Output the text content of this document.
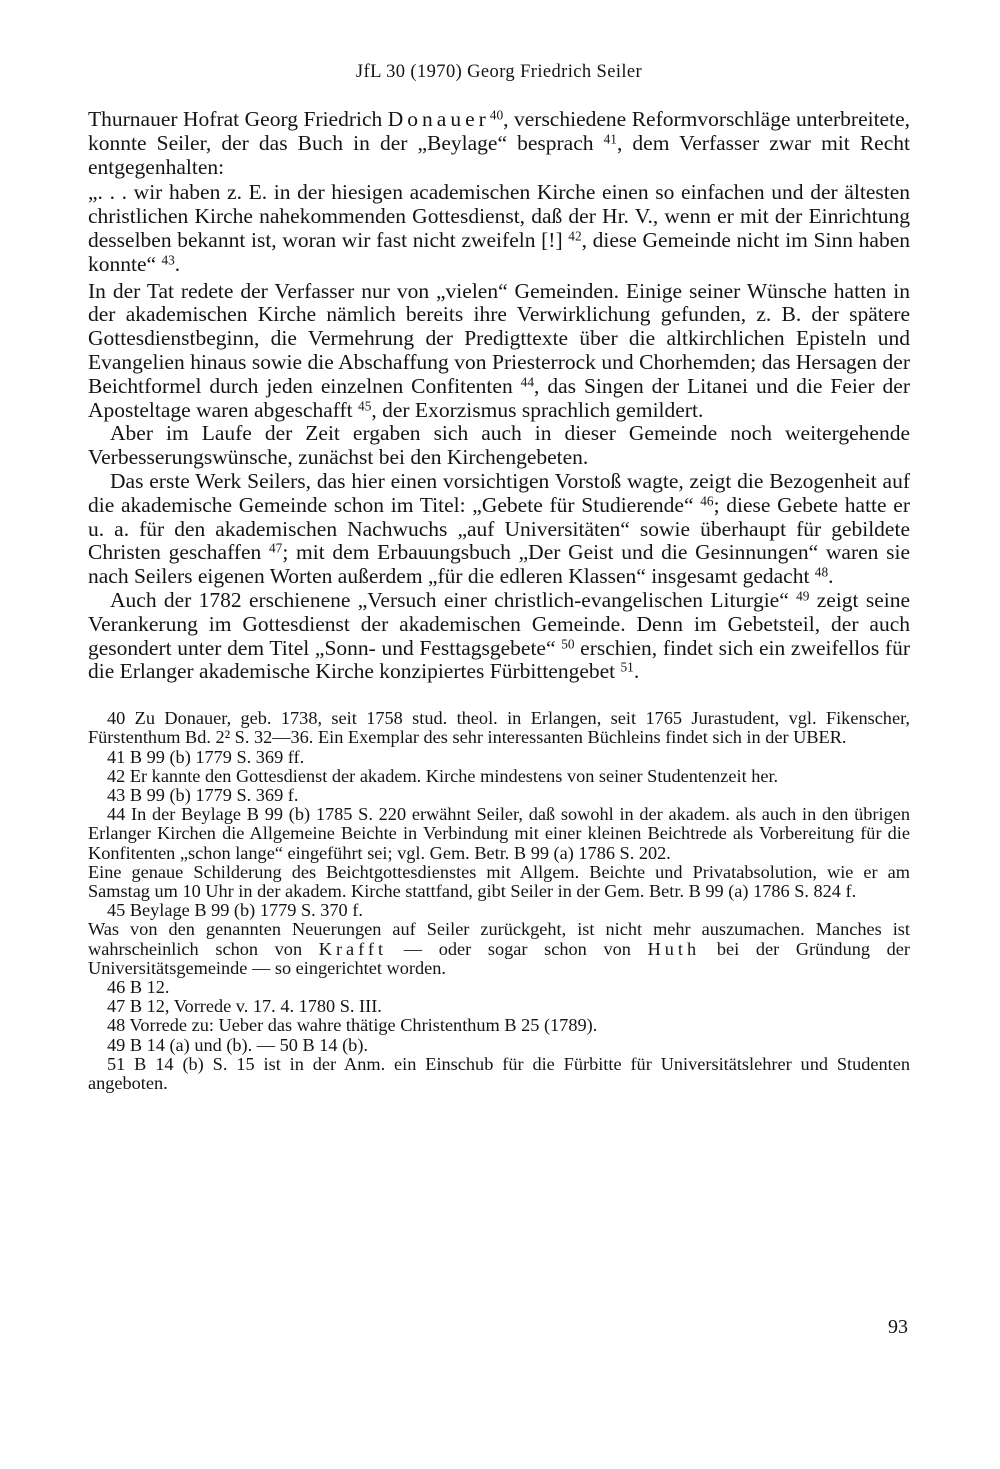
JfL 30 (1970) Georg Friedrich Seiler

Thurnauer Hofrat Georg Friedrich Donauer$^{40}$, verschiedene Reformvorschläge unterbreitete, konnte Seiler, der das Buch in der „Beylage“ besprach $^{41}$, dem Verfasser zwar mit Recht entgegenhalten:

„. . . wir haben z. E. in der hiesigen academischen Kirche einen so einfachen und der ältesten christlichen Kirche nahekommenden Gottesdienst, daß der Hr. V., wenn er mit der Einrichtung desselben bekannt ist, woran wir fast nicht zweifeln [!] $^{42}$, diese Gemeinde nicht im Sinn haben konnte“ $^{43}$.

In der Tat redete der Verfasser nur von „vielen“ Gemeinden. Einige seiner Wünsche hatten in der akademischen Kirche nämlich bereits ihre Verwirklichung gefunden, z. B. der spätere Gottesdienstbeginn, die Vermehrung der Predigttexte über die altkirchlichen Episteln und Evangelien hinaus sowie die Abschaffung von Priesterrock und Chorhemden; das Hersagen der Beichtformel durch jeden einzelnen Confitenten $^{44}$, das Singen der Litanei und die Feier der Aposteltage waren abgeschafft $^{45}$, der Exorzismus sprachlich gemildert.

Aber im Laufe der Zeit ergaben sich auch in dieser Gemeinde noch weitergehende Verbesserungswünsche, zunächst bei den Kirchengebeten.

Das erste Werk Seilers, das hier einen vorsichtigen Vorstoß wagte, zeigt die Bezogenheit auf die akademische Gemeinde schon im Titel: „Gebete für Studierende“ $^{46}$; diese Gebete hatte er u. a. für den akademischen Nachwuchs „auf Universitäten“ sowie überhaupt für gebildete Christen geschaffen $^{47}$; mit dem Erbauungsbuch „Der Geist und die Gesinnungen“ waren sie nach Seilers eigenen Worten außerdem „für die edleren Klassen“ insgesamt gedacht $^{48}$.

Auch der 1782 erschienene „Versuch einer christlich-evangelischen Liturgie“ $^{49}$ zeigt seine Verankerung im Gottesdienst der akademischen Gemeinde. Denn im Gebetsteil, der auch gesondert unter dem Titel „Sonn- und Festtagsgebete“ $^{50}$ erschien, findet sich ein zweifellos für die Erlanger akademische Kirche konzipiertes Fürbittengebet $^{51}$.

40 Zu Donauer, geb. 1738, seit 1758 stud. theol. in Erlangen, seit 1765 Jurastudent, vgl. Fikenscher, Fürstenthum Bd. 2² S. 32—36. Ein Exemplar des sehr interessanten Büchleins findet sich in der UBER.

41 B 99 (b) 1779 S. 369 ff.

42 Er kannte den Gottesdienst der akadem. Kirche mindestens von seiner Studentenzeit her.

43 B 99 (b) 1779 S. 369 f.

44 In der Beylage B 99 (b) 1785 S. 220 erwähnt Seiler, daß sowohl in der akadem. als auch in den übrigen Erlanger Kirchen die Allgemeine Beichte in Verbindung mit einer kleinen Beichtrede als Vorbereitung für die Konfitenten „schon lange“ eingeführt sei; vgl. Gem. Betr. B 99 (a) 1786 S. 202.

Eine genaue Schilderung des Beichtgottesdienstes mit Allgem. Beichte und Privatabsolution, wie er am Samstag um 10 Uhr in der akadem. Kirche stattfand, gibt Seiler in der Gem. Betr. B 99 (a) 1786 S. 824 f.

45 Beylage B 99 (b) 1779 S. 370 f.

Was von den genannten Neuerungen auf Seiler zurückgeht, ist nicht mehr auszumachen. Manches ist wahrscheinlich schon von Krafft — oder sogar schon von Huth bei der Gründung der Universitätsgemeinde — so eingerichtet worden.

46 B 12.

47 B 12, Vorrede v. 17. 4. 1780 S. III.

48 Vorrede zu: Ueber das wahre thätige Christenthum B 25 (1789).

49 B 14 (a) und (b). — 50 B 14 (b).

51 B 14 (b) S. 15 ist in der Anm. ein Einschub für die Fürbitte für Universitätslehrer und Studenten angeboten.

93
